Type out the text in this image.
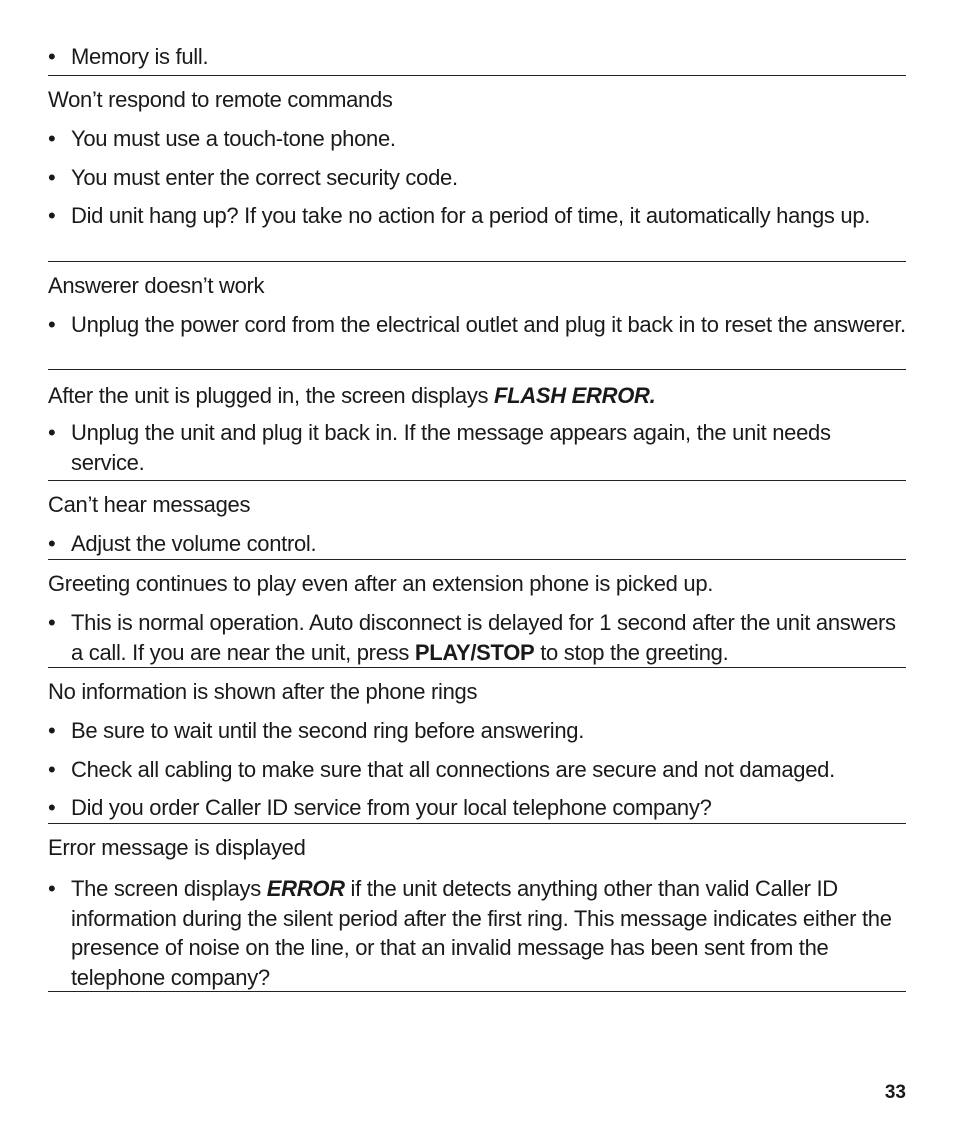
• Memory is full.
Won’t respond to remote commands
• You must use a touch-tone phone.
• You must enter the correct security code.
• Did unit hang up? If you take no action for a period of time, it automatically hangs up.
Answerer doesn’t work
• Unplug the power cord from the electrical outlet and plug it back in to reset the answerer.
After the unit is plugged in, the screen displays FLASH ERROR.
• Unplug the unit and plug it back in. If the message appears again, the unit needs service.
Can’t hear messages
• Adjust the volume control.
Greeting continues to play even after an extension phone is picked up.
• This is normal operation. Auto disconnect is delayed for 1 second after the unit answers a call. If you are near the unit, press PLAY/STOP to stop the greeting.
No information is shown after the phone rings
• Be sure to wait until the second ring before answering.
• Check all cabling to make sure that all connections are secure and not damaged.
• Did you order Caller ID service from your local telephone company?
Error message is displayed
• The screen displays ERROR if the unit detects anything other than valid Caller ID information during the silent period after the first ring. This message indicates either the presence of noise on the line, or that an invalid message has been sent from the telephone company?
33
